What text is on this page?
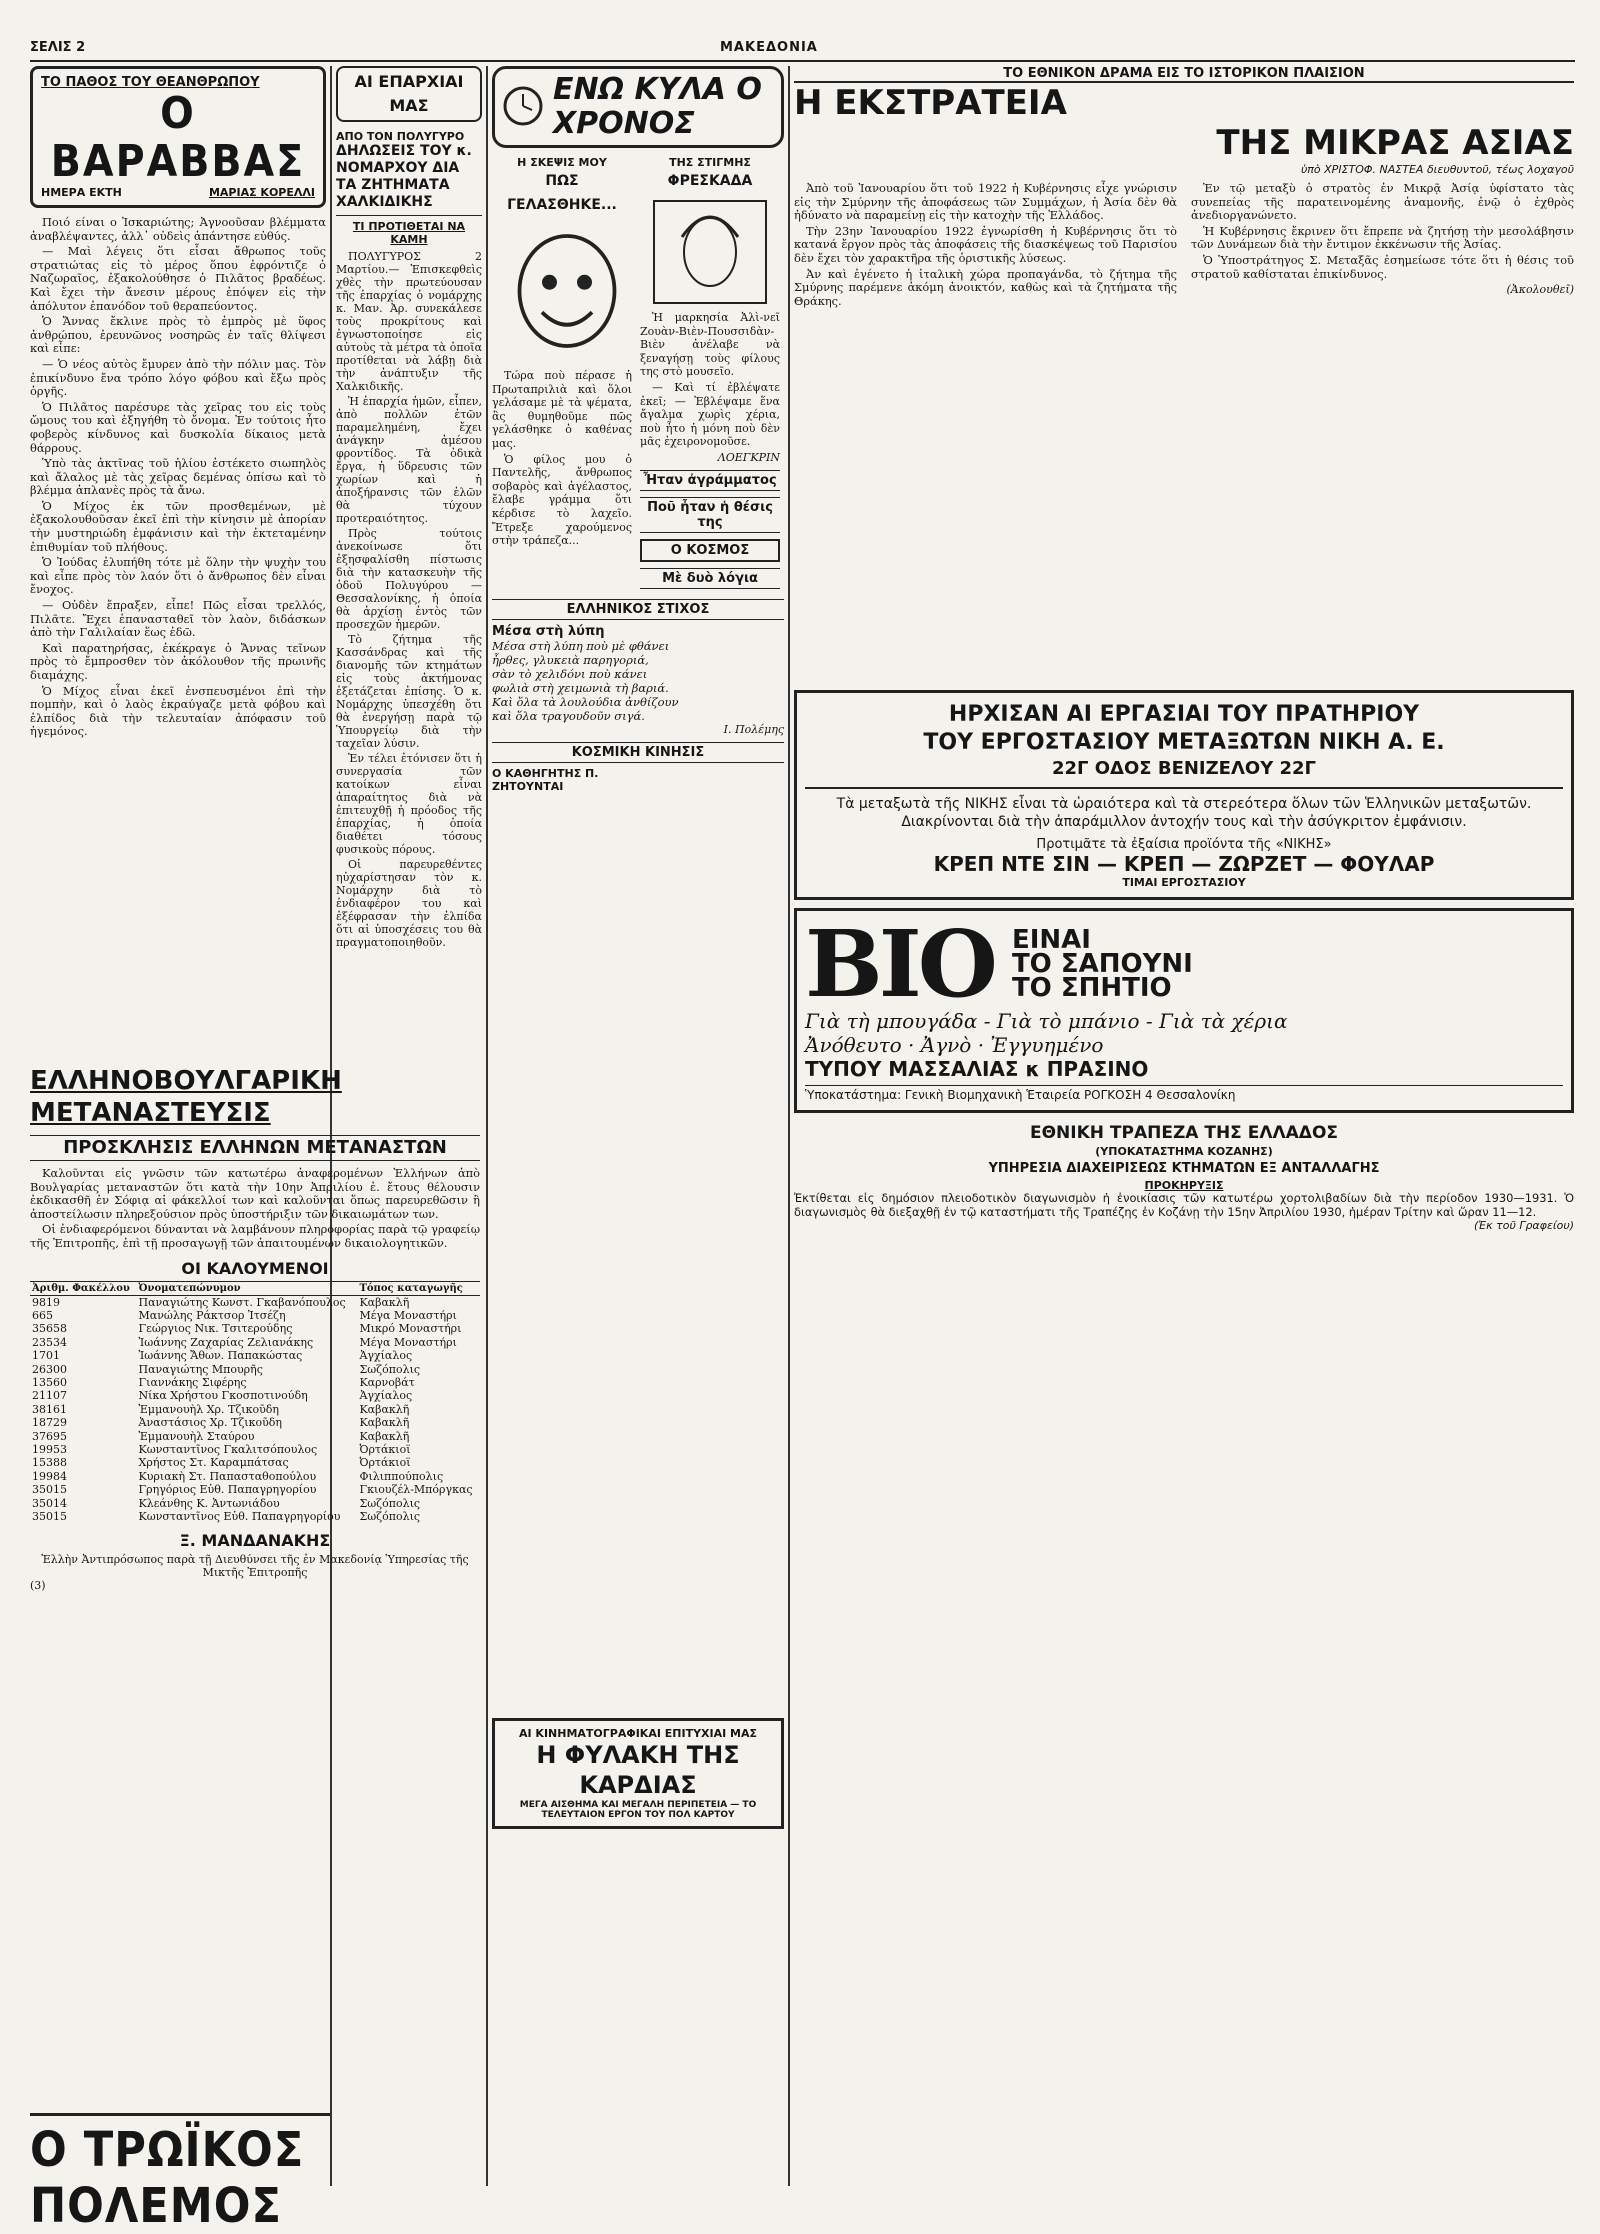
ΣΕΛΙΣ 2	ΜΑΚΕΔΟΝΙΑ
ΤΟ ΠΑΘΟΣ ΤΟΥ ΘΕΑΝΘΡΩΠΟΥ
Ο ΒΑΡΑΒΒΑΣ
ΗΜΕΡΑ ΕΚΤΗ	ΜΑΡΙΑΣ ΚΟΡΕΛΛΙ

Ποιό είναι ο Ἰσκαριώτης; Ἀγνοοῦσαν βλέμματα ἀναβλέψαντες, ἀλλ᾽ οὐδεὶς ἀπάντησε εὐθύς.

— Μαὶ λέγεις ὅτι εἶσαι ἄθρωπος τοῦς στρατιώτας εἰς τὸ μέρος ὅπου ἐφρόντιζε ὁ Ναζωραῖος, ἐξακολούθησε ὁ Πιλᾶτος βραδέως. Καὶ ἔχει τὴν ἄνεσιν μέρους ἐπόψεν εἰς τὴν ἀπόλυτον ἐπανόδον τοῦ θεραπεύοντος.

Ὁ Ἄννας ἔκλινε πρὸς τὸ ἐμπρὸς μὲ ὕφος ἀνθρώπου, ἐρευνῶνος νοσηρῶς ἐν ταῖς θλίψεσι καὶ εἶπε:

— Ὁ νέος αὐτὸς ἔμυρεν ἀπὸ τὴν πόλιν μας. Τὸν ἐπικίνδυνο ἔνα τρόπο λόγο φόβου καὶ ἔξω πρὸς ὀργῆς.

Ὁ Πιλᾶτος παρέσυρε τὰς χεῖρας του εἰς τοὺς ὤμους του καὶ ἐξηγήθη τὸ ὄνομα. Ἐν τούτοις ἦτο φοβερὸς κίνδυνος καὶ δυσκολία δίκαιος μετὰ θάρρους.

Ὑπὸ τὰς ἀκτῖνας τοῦ ἡλίου ἐστέκετο σιωπηλὸς καὶ ἄλαλος μὲ τὰς χεῖρας δεμένας ὁπίσω καὶ τὸ βλέμμα ἀπλανὲς πρὸς τὰ ἄνω.

Ὁ Μίχος ἐκ τῶν προσθεμένων, μὲ ἐξακολουθοῦσαν ἐκεῖ ἐπὶ τὴν κίνησιν μὲ ἀπορίαν τὴν μυστηριώδη ἐμφάνισιν καὶ τὴν ἐκτεταμένην ἐπιθυμίαν τοῦ πλήθους.

Ὁ Ἰούδας ἐλυπήθη τότε μὲ ὅλην τὴν ψυχὴν του καὶ εἶπε πρὸς τὸν λαόν ὅτι ὁ ἄνθρωπος δὲν εἶναι ἔνοχος.

— Οὐδὲν ἔπραξεν, εἶπε! Πῶς εἶσαι τρελλός, Πιλᾶτε. Ἔχει ἐπανασταθεῖ τὸν λαὸν, διδάσκων ἀπὸ τὴν Γαλιλαίαν ἕως ἐδῶ.

Καὶ παρατηρήσας, ἐκέκραγε ὁ Ἄννας τεῖνων πρὸς τὸ ἔμπροσθεν τὸν ἀκόλουθον τῆς πρωινῆς διαμάχης.

Ὁ Μίχος εἶναι ἐκεῖ ἐνσπευσμένοι ἐπὶ τὴν πομπὴν, καὶ ὁ λαὸς ἐκραύγαζε μετὰ φόβου καὶ ἐλπίδος διὰ τὴν τελευταίαν ἀπόφασιν τοῦ ἡγεμόνος.

ΕΛΛΗΝΟΒΟΥΛΓΑΡΙΚΗ ΜΕΤΑΝΑΣΤΕΥΣΙΣ
ΠΡΟΣΚΛΗΣΙΣ ΕΛΛΗΝΩΝ ΜΕΤΑΝΑΣΤΩΝ

Καλοῦνται εἰς γνῶσιν τῶν κατωτέρω ἀναφερομένων Ἑλλήνων ἀπὸ Βουλγαρίας μεταναστῶν ὅτι κατὰ τὴν 10ην Ἀπριλίου ἐ. ἔτους θέλουσιν ἐκδικασθῆ ἐν Σόφιᾳ αἱ φάκελλοί των καὶ καλοῦνται ὅπως παρευρεθῶσιν ἢ ἀποστείλωσιν πληρεξούσιον πρὸς ὑποστήριξιν τῶν δικαιωμάτων των.

Οἱ ἐνδιαφερόμενοι δύνανται νὰ λαμβάνουν πληροφορίας παρὰ τῷ γραφείῳ τῆς Ἐπιτροπῆς, ἐπὶ τῇ προσαγωγῇ τῶν ἀπαιτουμένων δικαιολογητικῶν.

ΟΙ ΚΑΛΟΥΜΕΝΟΙ
Ἀριθμ. Φακέλλου	Ὀνοματεπώνυμον	Τόπος καταγωγῆς
9819	Παναγιώτης Κωνστ. Γκαβανόπουλος	Καβακλῆ
665	Μανώλης Ράκτσορ Ἰτσέζη	Μέγα Μοναστήρι
35658	Γεώργιος Νικ. Τσιτερούδης	Μικρό Μοναστήρι
23534	Ἰωάννης Ζαχαρίας Ζελιανάκης	Μέγα Μοναστήρι
1701	Ἰωάννης Ἄθων. Παπακώστας	Ἀγχίαλος
26300	Παναγιώτης Μπουρῆς	Σωζόπολις
13560	Γιαννάκης Σιφέρης	Καρνοβάτ
21107	Νίκα Χρήστου Γκοσποτινούδη	Ἀγχίαλος
38161	Ἐμμανουὴλ Χρ. Τζικοῦδη	Καβακλῆ
18729	Ἀναστάσιος Χρ. Τζικοῦδη	Καβακλῆ
37695	Ἐμμανουὴλ Σταύρου	Καβακλῆ
19953	Κωνσταντῖνος Γκαλιτσόπουλος	Ὀρτάκιοϊ
15388	Χρήστος Στ. Καραμπάτσας	Ὀρτάκιοϊ
19984	Κυριακὴ Στ. Παπασταθοπούλου	Φιλιππούπολις
35015	Γρηγόριος Εὐθ. Παπαγρηγορίου	Γκιουζέλ-Μπόργκας
35014	Κλεάνθης Κ. Ἀντωνιάδου	Σωζόπολις
35015	Κωνσταντῖνος Εὐθ. Παπαγρηγορίου	Σωζόπολις
Ξ. ΜΑΝΔΑΝΑΚΗΣ
Ἐλλὴν Ἀντιπρόσωπος παρὰ τῇ Διευθύνσει τῆς ἐν Μακεδονίᾳ Ὑπηρεσίας τῆς Μικτῆς Ἐπιτροπῆς
(3)
Ο ΤΡΩΪΚΟΣ ΠΟΛΕΜΟΣ
ΑΙ ΕΠΑΡΧΙΑΙ ΜΑΣ
ΑΠΟ ΤΟΝ ΠΟΛΥΓΥΡΟ
ΔΗΛΩΣΕΙΣ ΤΟΥ κ. ΝΟΜΑΡΧΟΥ ΔΙΑ ΤΑ ΖΗΤΗΜΑΤΑ ΧΑΛΚΙΔΙΚΗΣ
ΤΙ ΠΡΟΤΙΘΕΤΑΙ ΝΑ ΚΑΜΗ

ΠΟΛΥΓΥΡΟΣ 2 Μαρτίου.— Ἐπισκεφθεὶς χθὲς τὴν πρωτεύουσαν τῆς ἐπαρχίας ὁ νομάρχης κ. Μαν. Ἀρ. συνεκάλεσε τοὺς προκρίτους καὶ ἐγνωστοποίησε εἰς αὐτοὺς τὰ μέτρα τὰ ὁποῖα προτίθεται νὰ λάβῃ διὰ τὴν ἀνάπτυξιν τῆς Χαλκιδικῆς.

Ἡ ἐπαρχία ἡμῶν, εἶπεν, ἀπὸ πολλῶν ἐτῶν παραμελημένη, ἔχει ἀνάγκην ἀμέσου φροντίδος. Τὰ ὁδικὰ ἔργα, ἡ ὕδρευσις τῶν χωρίων καὶ ἡ ἀποξήρανσις τῶν ἑλῶν θὰ τύχουν προτεραιότητος.

Πρὸς τούτοις ἀνεκοίνωσε ὅτι ἐξησφαλίσθη πίστωσις διὰ τὴν κατασκευὴν τῆς ὁδοῦ Πολυγύρου — Θεσσαλονίκης, ἡ ὁποία θὰ ἀρχίσῃ ἐντὸς τῶν προσεχῶν ἡμερῶν.

Τὸ ζήτημα τῆς Κασσάνδρας καὶ τῆς διανομῆς τῶν κτημάτων εἰς τοὺς ἀκτήμονας ἐξετάζεται ἐπίσης. Ὁ κ. Νομάρχης ὑπεσχέθη ὅτι θὰ ἐνεργήσῃ παρὰ τῷ Ὑπουργείῳ διὰ τὴν ταχεῖαν λύσιν.

Ἐν τέλει ἐτόνισεν ὅτι ἡ συνεργασία τῶν κατοίκων εἶναι ἀπαραίτητος διὰ νὰ ἐπιτευχθῇ ἡ πρόοδος τῆς ἐπαρχίας, ἡ ὁποία διαθέτει τόσους φυσικοὺς πόρους.

Οἱ παρευρεθέντες ηὐχαρίστησαν τὸν κ. Νομάρχην διὰ τὸ ἐνδιαφέρον του καὶ ἐξέφρασαν τὴν ἐλπίδα ὅτι αἱ ὑποσχέσεις του θὰ πραγματοποιηθοῦν.

ΕΝΩ ΚΥΛΑ Ο ΧΡΟΝΟΣ
Η ΣΚΕΨΙΣ ΜΟΥ
ΠΩΣ ΓΕΛΑΣΘΗΚΕ...

Τώρα ποὺ πέρασε ἡ Πρωταπριλιὰ καὶ ὅλοι γελάσαμε μὲ τὰ ψέματα, ἂς θυμηθοῦμε πῶς γελάσθηκε ὁ καθένας μας.

Ὁ φίλος μου ὁ Παντελῆς, ἄνθρωπος σοβαρὸς καὶ ἀγέλαστος, ἔλαβε γράμμα ὅτι κέρδισε τὸ λαχεῖο. Ἔτρεξε χαρούμενος στὴν τράπεζα...

ΤΗΣ ΣΤΙΓΜΗΣ
ΦΡΕΣΚΑΔΑ

Ἡ μαρκησία Ἀλὶ-νεῖ Ζουὰν-Βιὲν-Πουσσιδὰν-Βιὲν ἀνέλαβε νὰ ξεναγήσῃ τοὺς φίλους της στὸ μουσεῖο.

— Καὶ τί ἐβλέψατε ἐκεῖ; — Ἐβλέψαμε ἕνα ἄγαλμα χωρὶς χέρια, ποὺ ἦτο ἡ μόνη ποὺ δὲν μᾶς ἐχειρονομοῦσε.

ΛΟΕΓΚΡΙΝ
Ἦταν ἀγράμματος
Ποῦ ἦταν ἡ θέσις της
Ο ΚΟΣΜΟΣ
Μὲ δυὸ λόγια
ΕΛΛΗΝΙΚΟΣ ΣΤΙΧΟΣ
Μέσα στὴ λύπη
Μέσα στὴ λύπη ποὺ μὲ φθάνει
ἦρθες, γλυκειὰ παρηγοριά,
σὰν τὸ χελιδόνι ποὺ κάνει
φωλιὰ στὴ χειμωνιὰ τὴ βαριά.
Καὶ ὅλα τὰ λουλούδια ἀνθίζουν
καὶ ὅλα τραγουδοῦν σιγά.
Ι. Πολέμης
ΚΟΣΜΙΚΗ ΚΙΝΗΣΙΣ
Ο ΚΑΘΗΓΗΤΗΣ Π.
ΖΗΤΟΥΝΤΑΙ
ΑΙ ΚΙΝΗΜΑΤΟΓΡΑΦΙΚΑΙ ΕΠΙΤΥΧΙΑΙ ΜΑΣ
Η ΦΥΛΑΚΗ ΤΗΣ ΚΑΡΔΙΑΣ
ΜΕΓΑ ΑΙΣΘΗΜΑ ΚΑΙ ΜΕΓΑΛΗ ΠΕΡΙΠΕΤΕΙΑ — ΤΟ ΤΕΛΕΥΤΑΙΟΝ ΕΡΓΟΝ ΤΟΥ ΠΟΛ ΚΑΡΤΟΥ
ΤΟ ΕΘΝΙΚΟΝ ΔΡΑΜΑ ΕΙΣ ΤΟ ΙΣΤΟΡΙΚΟΝ ΠΛΑΙΣΙΟΝ
Η ΕΚΣΤΡΑΤΕΙΑ
ΤΗΣ ΜΙΚΡΑΣ ΑΣΙΑΣ
ὑπὸ ΧΡΙΣΤΟΦ. ΝΑΣΤΕΑ διευθυντοῦ, τέως λοχαγοῦ

Ἀπὸ τοῦ Ἰανουαρίου ὅτι τοῦ 1922 ἡ Κυβέρνησις εἶχε γνώρισιν εἰς τὴν Σμύρνην τῆς ἀποφάσεως τῶν Συμμάχων, ἡ Ἀσία δὲν θὰ ἠδύνατο νὰ παραμείνῃ εἰς τὴν κατοχὴν τῆς Ἑλλάδος.

Τὴν 23ην Ἰανουαρίου 1922 ἐγνωρίσθη ἡ Κυβέρνησις ὅτι τὸ κατανά ἔργον πρὸς τὰς ἀποφάσεις τῆς διασκέψεως τοῦ Παρισίου δὲν ἔχει τὸν χαρακτῆρα τῆς ὁριστικῆς λύσεως.

Ἀν καὶ ἐγένετο ἡ ἰταλικὴ χώρα προπαγάνδα, τὸ ζήτημα τῆς Σμύρνης παρέμενε ἀκόμη ἀνοικτόν, καθὼς καὶ τὰ ζητήματα τῆς Θράκης.

Ἐν τῷ μεταξὺ ὁ στρατὸς ἐν Μικρᾷ Ἀσίᾳ ὑφίστατο τὰς συνεπείας τῆς παρατεινομένης ἀναμονῆς, ἐνῷ ὁ ἐχθρὸς ἀνεδιοργανώνετο.

Ἡ Κυβέρνησις ἔκρινεν ὅτι ἔπρεπε νὰ ζητήσῃ τὴν μεσολάβησιν τῶν Δυνάμεων διὰ τὴν ἔντιμον ἐκκένωσιν τῆς Ἀσίας.

Ὁ Ὑποστράτηγος Σ. Μεταξᾶς ἐσημείωσε τότε ὅτι ἡ θέσις τοῦ στρατοῦ καθίσταται ἐπικίνδυνος.

(Ἀκολουθεῖ)
ΗΡΧΙΣΑΝ ΑΙ ΕΡΓΑΣΙΑΙ ΤΟΥ ΠΡΑΤΗΡΙΟΥ
ΤΟΥ ΕΡΓΟΣΤΑΣΙΟΥ ΜΕΤΑΞΩΤΩΝ ΝΙΚΗ Α. Ε.
22Γ ΟΔΟΣ ΒΕΝΙΖΕΛΟΥ 22Γ
Τὰ μεταξωτὰ τῆς ΝΙΚΗΣ εἶναι τὰ ὡραιότερα καὶ τὰ στερεότερα ὅλων τῶν Ἑλληνικῶν μεταξωτῶν. Διακρίνονται διὰ τὴν ἀπαράμιλλον ἀντοχήν τους καὶ τὴν ἀσύγκριτον ἐμφάνισιν.
Προτιμᾶτε τὰ ἐξαίσια προϊόντα τῆς «ΝΙΚΗΣ»
ΚΡΕΠ ΝΤΕ ΣΙΝ — ΚΡΕΠ — ΖΩΡΖΕΤ — ΦΟΥΛΑΡ
ΤΙΜΑΙ ΕΡΓΟΣΤΑΣΙΟΥ
BIO ΕΙΝΑΙ
ΤΟ ΣΑΠΟΥΝΙ
ΤΟ ΣΠΗΤΙΟ
Γιὰ τὴ μπουγάδα - Γιὰ τὸ μπάνιο - Γιὰ τὰ χέρια
Ἀνόθευτο · Ἀγνὸ · Ἐγγυημένο
ΤΥΠΟΥ ΜΑΣΣΑΛΙΑΣ κ ΠΡΑΣΙΝΟ
Ὑποκατάστημα: Γενικὴ Βιομηχανικὴ Ἑταιρεία ΡΟΓΚΟΣΗ 4 Θεσσαλονίκη
ΕΘΝΙΚΗ ΤΡΑΠΕΖΑ ΤΗΣ ΕΛΛΑΔΟΣ
(ΥΠΟΚΑΤΑΣΤΗΜΑ ΚΟΖΑΝΗΣ)
ΥΠΗΡΕΣΙΑ ΔΙΑΧΕΙΡΙΣΕΩΣ ΚΤΗΜΑΤΩΝ ΕΞ ΑΝΤΑΛΛΑΓΗΣ
ΠΡΟΚΗΡΥΞΙΣ
Ἐκτίθεται εἰς δημόσιον πλειοδοτικὸν διαγωνισμὸν ἡ ἐνοικίασις τῶν κατωτέρω χορτολιβαδίων διὰ τὴν περίοδον 1930—1931. Ὁ διαγωνισμὸς θὰ διεξαχθῇ ἐν τῷ καταστήματι τῆς Τραπέζης ἐν Κοζάνῃ τὴν 15ην Ἀπριλίου 1930, ἡμέραν Τρίτην καὶ ὥραν 11—12.
(Ἐκ τοῦ Γραφείου)
